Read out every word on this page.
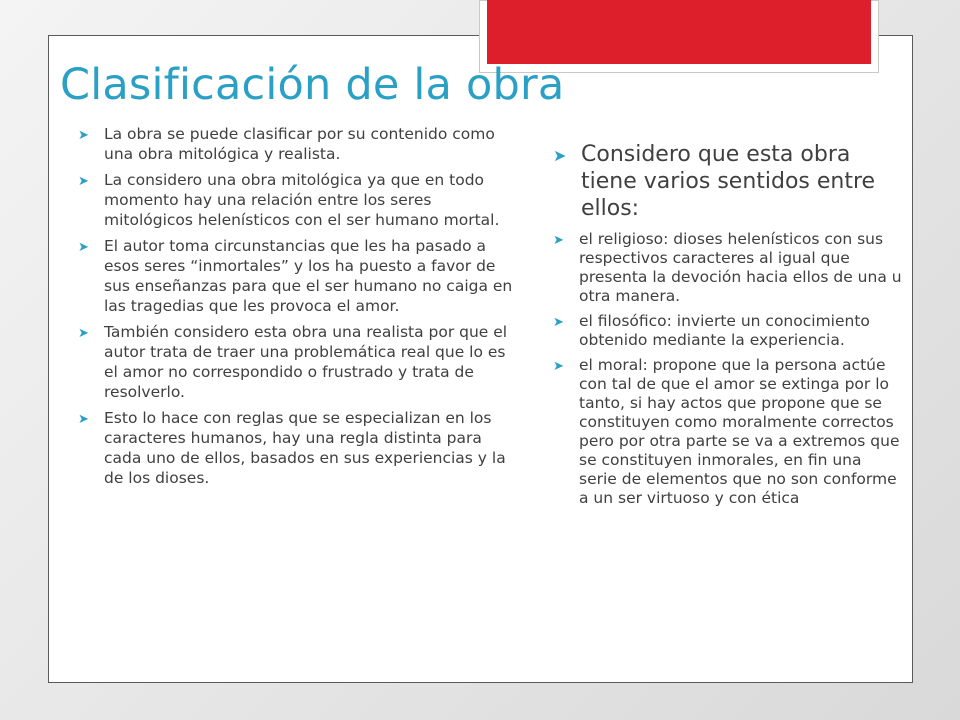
Clasificación de la obra
➤ La obra se puede clasificar por su contenido como una obra mitológica y realista.
➤ La considero una obra mitológica ya que en todo momento hay una relación entre los seres mitológicos helenísticos con el ser humano mortal.
➤ El autor toma circunstancias que les ha pasado a esos seres “inmortales” y los ha puesto a favor de sus enseñanzas para que el ser humano no caiga en las tragedias que les provoca el amor.
➤ También considero esta obra una realista por que el autor trata de traer una problemática real que lo es el amor no correspondido o frustrado y trata de resolverlo.
➤ Esto lo hace con reglas que se especializan en los caracteres humanos, hay una regla distinta para cada uno de ellos, basados en sus experiencias y la de los dioses.
➤ Considero que esta obra tiene varios sentidos entre ellos:
➤ el religioso: dioses helenísticos con sus respectivos caracteres al igual que presenta la devoción hacia ellos de una u otra manera.
➤ el filosófico: invierte un conocimiento obtenido mediante la experiencia.
➤ el moral: propone que la persona actúe con tal de que el amor se extinga por lo tanto, si hay actos que propone que se constituyen como moralmente correctos pero por otra parte se va a extremos que se constituyen inmorales, en fin una serie de elementos que no son conforme a un ser virtuoso y con ética
